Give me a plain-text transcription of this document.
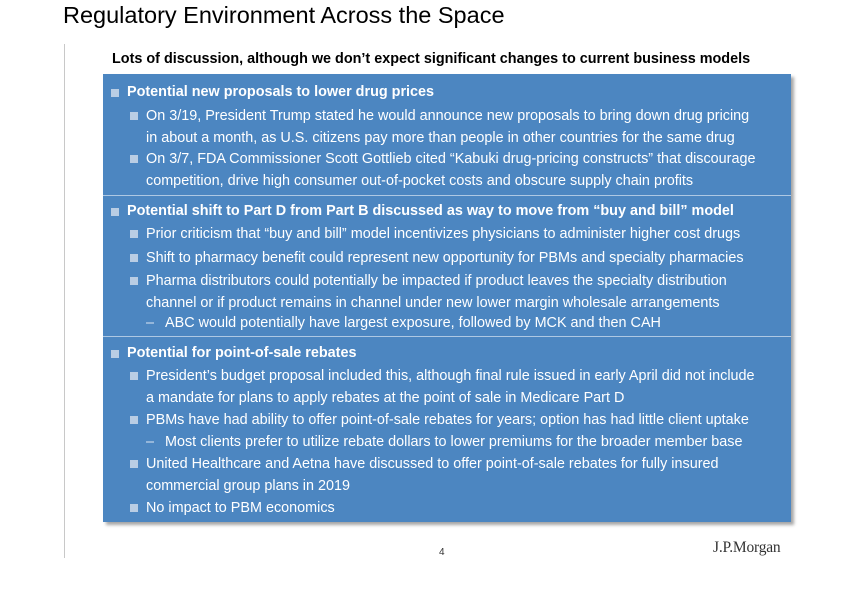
Regulatory Environment Across the Space
Lots of discussion, although we don’t expect significant changes to current business models
Potential new proposals to lower drug prices
On 3/19, President Trump stated he would announce new proposals to bring down drug pricing
in about a month, as U.S. citizens pay more than people in other countries for the same drug
On 3/7, FDA Commissioner Scott Gottlieb cited “Kabuki drug-pricing constructs” that discourage
competition, drive high consumer out-of-pocket costs and obscure supply chain profits
Potential shift to Part D from Part B discussed as way to move from “buy and bill” model
Prior criticism that “buy and bill” model incentivizes physicians to administer higher cost drugs
Shift to pharmacy benefit could represent new opportunity for PBMs and specialty pharmacies
Pharma distributors could potentially be impacted if product leaves the specialty distribution
channel or if product remains in channel under new lower margin wholesale arrangements
– ABC would potentially have largest exposure, followed by MCK and then CAH
Potential for point-of-sale rebates
President’s budget proposal included this, although final rule issued in early April did not include
a mandate for plans to apply rebates at the point of sale in Medicare Part D
PBMs have had ability to offer point-of-sale rebates for years; option has had little client uptake
– Most clients prefer to utilize rebate dollars to lower premiums for the broader member base
United Healthcare and Aetna have discussed to offer point-of-sale rebates for fully insured
commercial group plans in 2019
No impact to PBM economics
4	J.P.Morgan
